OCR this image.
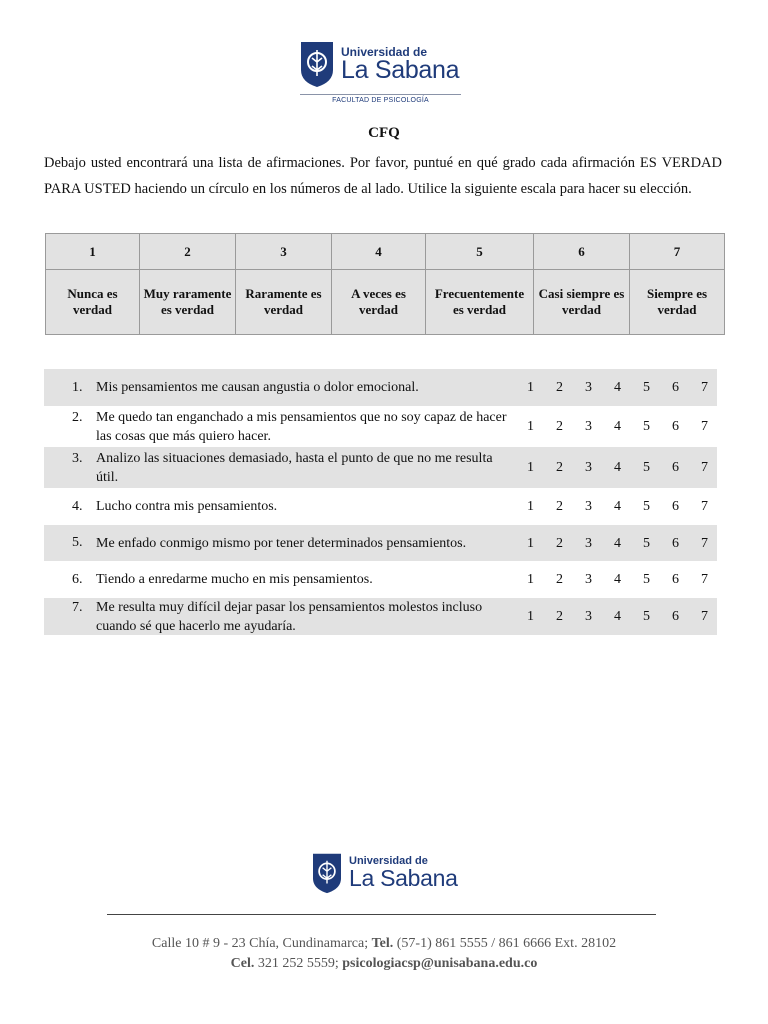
Universidad de
La Sabana
FACULTAD DE PSICOLOGÍA
CFQ
Debajo usted encontrará una lista de afirmaciones. Por favor, puntué en qué grado cada afirmación ES VERDAD PARA USTED haciendo un círculo en los números de al lado. Utilice la siguiente escala para hacer su elección.
1	2	3	4	5	6	7
Nunca es verdad	Muy raramente es verdad	Raramente es verdad	A veces es verdad	Frecuentemente es verdad	Casi siempre es verdad	Siempre es verdad
1. Mis pensamientos me causan angustia o dolor emocional.	1	2	3	4	5	6	7
2. Me quedo tan enganchado a mis pensamientos que no soy capaz de hacer las cosas que más quiero hacer.
1	2	3	4	5	6	7
3. Analizo las situaciones demasiado, hasta el punto de que no me resulta útil.
1	2	3	4	5	6	7
4. Lucho contra mis pensamientos.	1	2	3	4	5	6	7
5. Me enfado conmigo mismo por tener determinados pensamientos.	1	2	3	4	5	6	7
6. Tiendo a enredarme mucho en mis pensamientos.	1	2	3	4	5	6	7
7. Me resulta muy difícil dejar pasar los pensamientos molestos incluso cuando sé que hacerlo me ayudaría.
1	2	3	4	5	6	7
Universidad de
La Sabana
Calle 10 # 9 - 23 Chía, Cundinamarca; Tel. (57-1) 861 5555 / 861 6666 Ext. 28102
Cel. 321 252 5559; psicologiacsp@unisabana.edu.co
